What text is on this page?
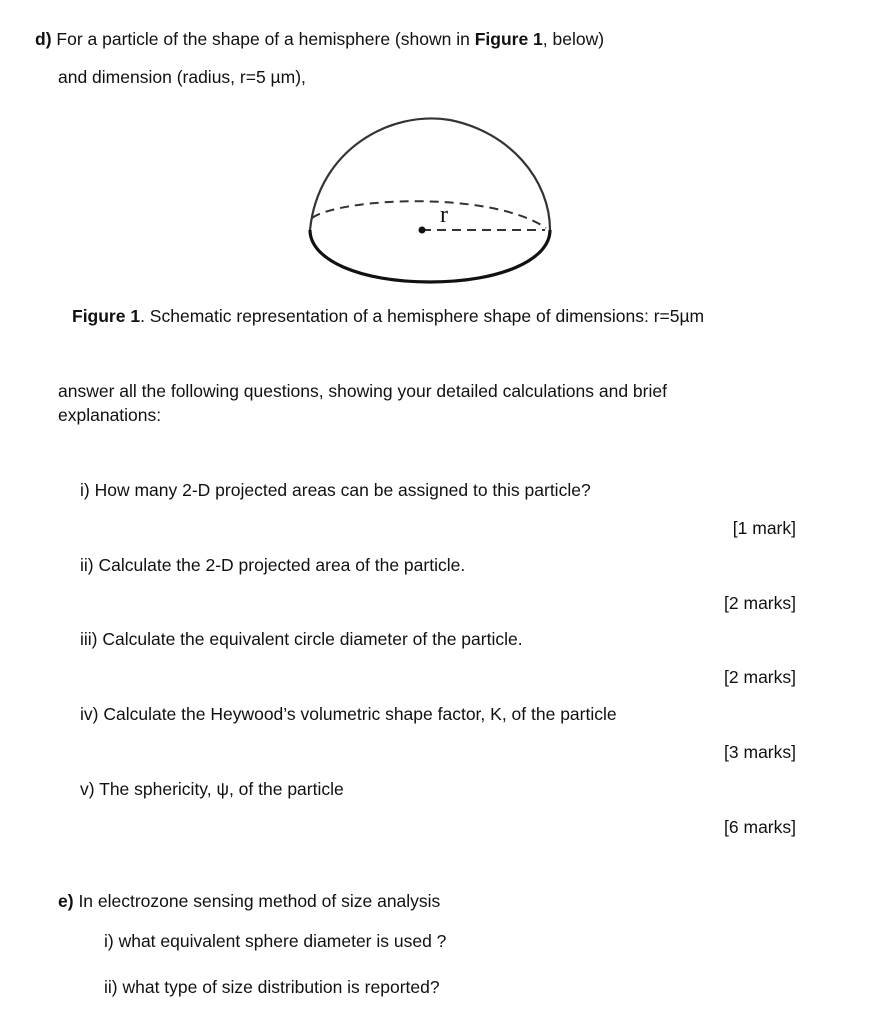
d) For a particle of the shape of a hemisphere (shown in Figure 1, below)
and dimension (radius, r=5 µm),
r
Figure 1. Schematic representation of a hemisphere shape of dimensions: r=5µm
answer all the following questions, showing your detailed calculations and brief
explanations:
i) How many 2-D projected areas can be assigned to this particle?
[1 mark]
ii) Calculate the 2-D projected area of the particle.
[2 marks]
iii) Calculate the equivalent circle diameter of the particle.
[2 marks]
iv) Calculate the Heywood’s volumetric shape factor, K, of the particle
[3 marks]
v) The sphericity, ψ, of the particle
[6 marks]
e) In electrozone sensing method of size analysis
i) what equivalent sphere diameter is used ?
ii) what type of size distribution is reported?
